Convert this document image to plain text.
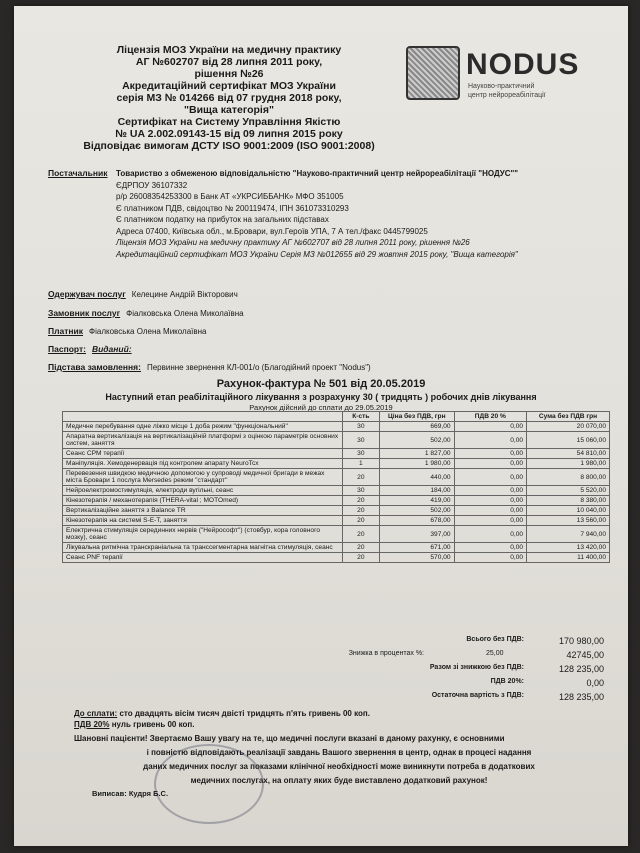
Ліцензія МОЗ України на медичну практику
АГ №602707 від 28 липня 2011 року,
рішення №26
Акредитаційний сертифікат МОЗ України
серія МЗ № 014266 від 07 грудня 2018 року,
"Вища категорія"
Сертифікат на Систему Управління Якістю
№ UA 2.002.09143-15 від 09 липня 2015 року
Відповідає вимогам ДСТУ ISO 9001:2009 (ISO 9001:2008)
NODUS
Науково-практичний
центр нейрореабілітації
Постачальник Товариство з обмеженою відповідальністю "Науково-практичний центр нейрореабілітації "НОДУС""
ЄДРПОУ 36107332
р/р 26008354253300 в Банк АТ «УКРСИББАНК» МФО 351005
Є платником ПДВ, свідоцтво № 200119474, ІПН 361073310293
Є платником податку на прибуток на загальних підставах
Адреса 07400, Київська обл., м.Бровари, вул.Героїв УПА, 7 А тел./факс 0445799025
Ліцензія МОЗ України на медичну практику АГ №602707 від 28 липня 2011 року, рішення №26
Акредитаційний сертифікат МОЗ України Серія МЗ №012655 від 29 жовтня 2015 року, "Вища категорія"
Одержувач послуг Келецине Андрій Вікторович
Замовник послуг Фіалковська Олена Миколаївна
Платник Фіалковська Олена Миколаївна
Паспорт: Виданий:
Підстава замовлення: Первинне звернення КЛ-001/о (Благодійний проект "Nodus")
Рахунок-фактура № 501 від 20.05.2019
Наступний етап реабілітаційного лікування з розрахунку 30 ( тридцять ) робочих днів лікування
Рахунок дійсний до сплати до 29.05.2019
	К-сть	Ціна без ПДВ, грн	ПДВ 20 %	Сума без ПДВ грн
Медичне перебування одне ліжко місце 1 доба режим "функціональний"	30	669,00	0,00	20 070,00
Апаратна вертикалізація на вертикалізаційній платформі з оцінкою параметрів основних систем, заняття	30	502,00	0,00	15 060,00
Сеанс CPM терапії	30	1 827,00	0,00	54 810,00
Маніпуляція. Хемоденервація під контролем апарату NeuroTcx	1	1 980,00	0,00	1 980,00
Перевезення швидкою медичною допомогою у супроводі медичної бригади в межах міста Бровари 1 послуга Mersedes режим "стандарт"	20	440,00	0,00	8 800,00
Нейроелектромостимуляція, електроди вугільні, сеанс	30	184,00	0,00	5 520,00
Кінезотерапія / механотерапія (THERA-vital ; MOTOmed)	20	419,00	0,00	8 380,00
Вертикалізаційне заняття з Balance TR	20	502,00	0,00	10 040,00
Кінезотерапія на системі S-E-T, заняття	20	678,00	0,00	13 560,00
Електрична стимуляція серединних нервів ("Нейрософт") (стовбур, кора головного мозку), сеанс	20	397,00	0,00	7 940,00
Лікувальна ритмічна транскраніальна та транссегментарна магнітна стимуляція, сеанс	20	671,00	0,00	13 420,00
Сеанс PNF терапії	20	570,00	0,00	11 400,00
Всього без ПДВ:	170 980,00
Знижка в процентах %:	25,00	42745,00
Разом зі знижкою без ПДВ:	128 235,00
ПДВ 20%:	0,00
Остаточна вартість з ПДВ:	128 235,00
До сплати: сто двадцять вісім тисяч двісті тридцять п'ять гривень 00 коп.
ПДВ 20% нуль гривень 00 коп.
Шановні пацієнти! Звертаємо Вашу увагу на те, що медичні послуги вказані в даному рахунку, є основними
і повністю відповідають реалізації завдань Вашого звернення в центр, однак в процесі надання
даних медичних послуг за показами клінічної необхідності може виникнути потреба в додаткових
медичних послугах, на оплату яких буде виставлено додатковий рахунок!
Виписав: Кудря Б.С.
